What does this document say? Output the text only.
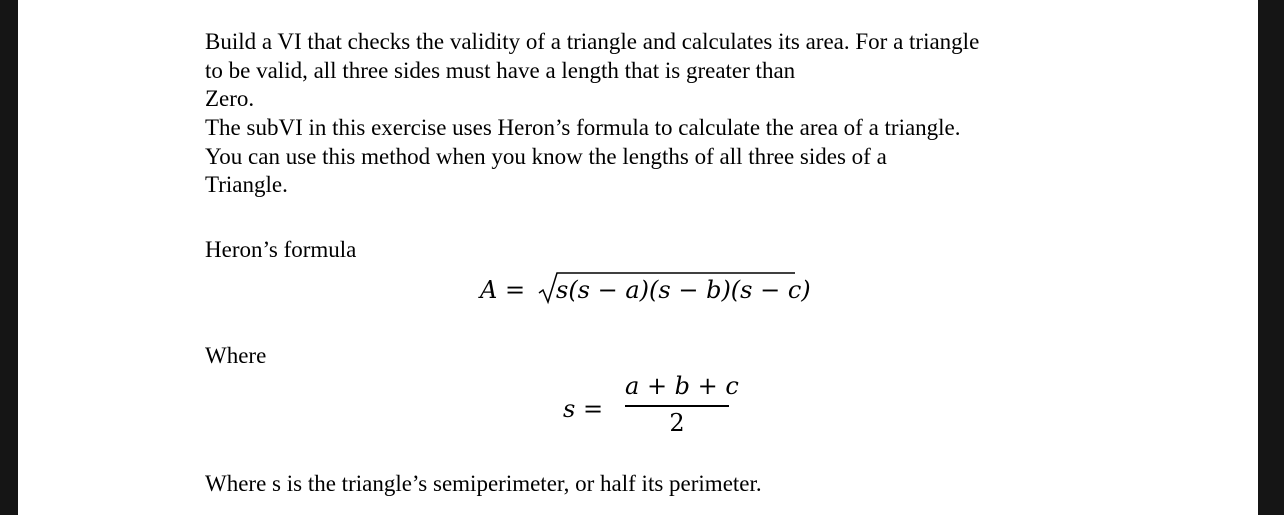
Build a VI that checks the validity of a triangle and calculates its area. For a triangle
to be valid, all three sides must have a length that is greater than
Zero.
The subVI in this exercise uses Heron’s formula to calculate the area of a triangle.
You can use this method when you know the lengths of all three sides of a
Triangle.
Heron’s formula
A = s(s − a)(s − b)(s − c)
Where
s =
a + b + c
2
Where s is the triangle’s semiperimeter, or half its perimeter.
